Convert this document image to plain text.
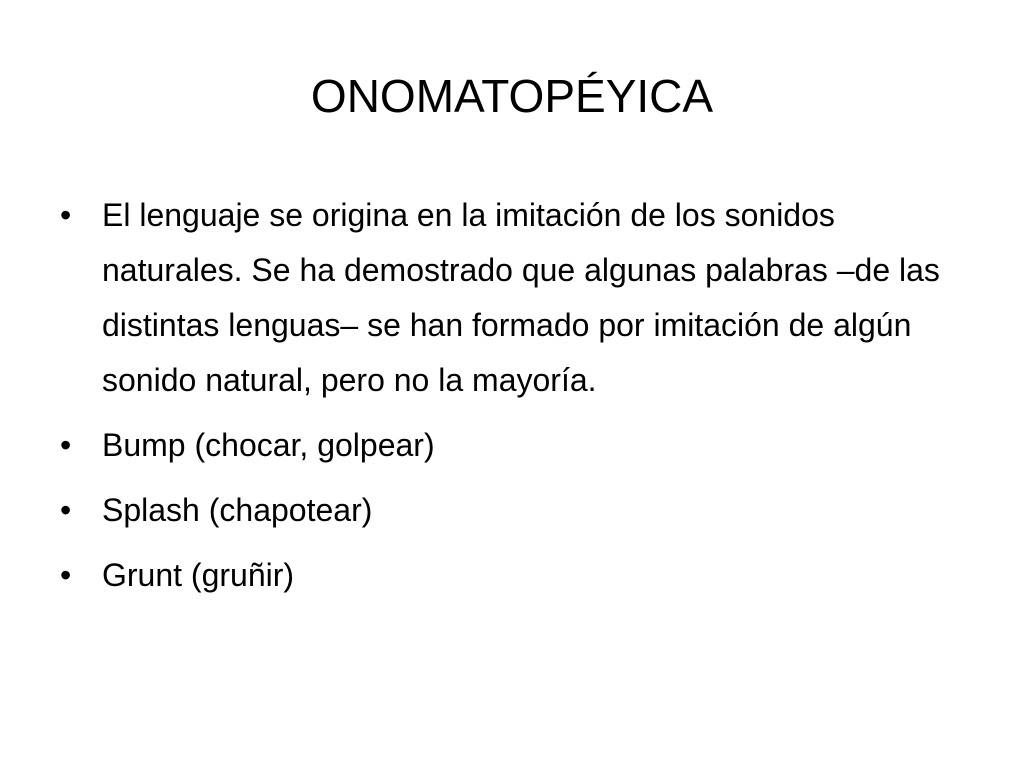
ONOMATOPÉYICA
• El lenguaje se origina en la imitación de los sonidos naturales. Se ha demostrado que algunas palabras –de las distintas lenguas– se han formado por imitación de algún sonido natural, pero no la mayoría.
• Bump (chocar, golpear)
• Splash (chapotear)
• Grunt (gruñir)
